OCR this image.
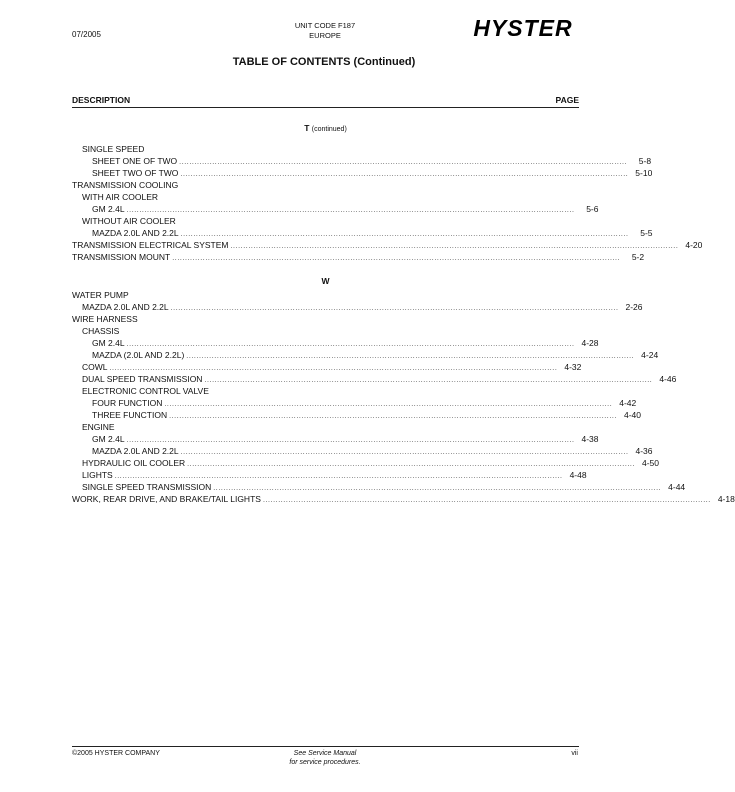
07/2005
UNIT CODE F187
EUROPE	HYSTER
TABLE OF CONTENTS (Continued)
DESCRIPTION	PAGE
T (continued)
SINGLE SPEED
SHEET ONE OF TWO ................................................................................................................................................................................	5-8
SHEET TWO OF TWO ................................................................................................................................................................................ 5-10
TRANSMISSION COOLING
WITH AIR COOLER
GM 2.4L ................................................................................................................................................................................	5-6
WITHOUT AIR COOLER
MAZDA 2.0L AND 2.2L ................................................................................................................................................................................	5-5
TRANSMISSION ELECTRICAL SYSTEM ................................................................................................................................................................................ 4-20
TRANSMISSION MOUNT ................................................................................................................................................................................	5-2
W
WATER PUMP
MAZDA 2.0L AND 2.2L ................................................................................................................................................................................ 2-26
WIRE HARNESS
CHASSIS
GM 2.4L ................................................................................................................................................................................ 4-28
MAZDA (2.0L AND 2.2L) ................................................................................................................................................................................ 4-24
COWL ................................................................................................................................................................................ 4-32
DUAL SPEED TRANSMISSION ................................................................................................................................................................................ 4-46
ELECTRONIC CONTROL VALVE
FOUR FUNCTION ................................................................................................................................................................................ 4-42
THREE FUNCTION ................................................................................................................................................................................ 4-40
ENGINE
GM 2.4L ................................................................................................................................................................................ 4-38
MAZDA 2.0L AND 2.2L ................................................................................................................................................................................ 4-36
HYDRAULIC OIL COOLER ................................................................................................................................................................................ 4-50
LIGHTS ................................................................................................................................................................................ 4-48
SINGLE SPEED TRANSMISSION ................................................................................................................................................................................ 4-44
WORK, REAR DRIVE, AND BRAKE/TAIL LIGHTS ................................................................................................................................................................................ 4-18
©2005 HYSTER COMPANY	See Service Manual
for service procedures.
vii
